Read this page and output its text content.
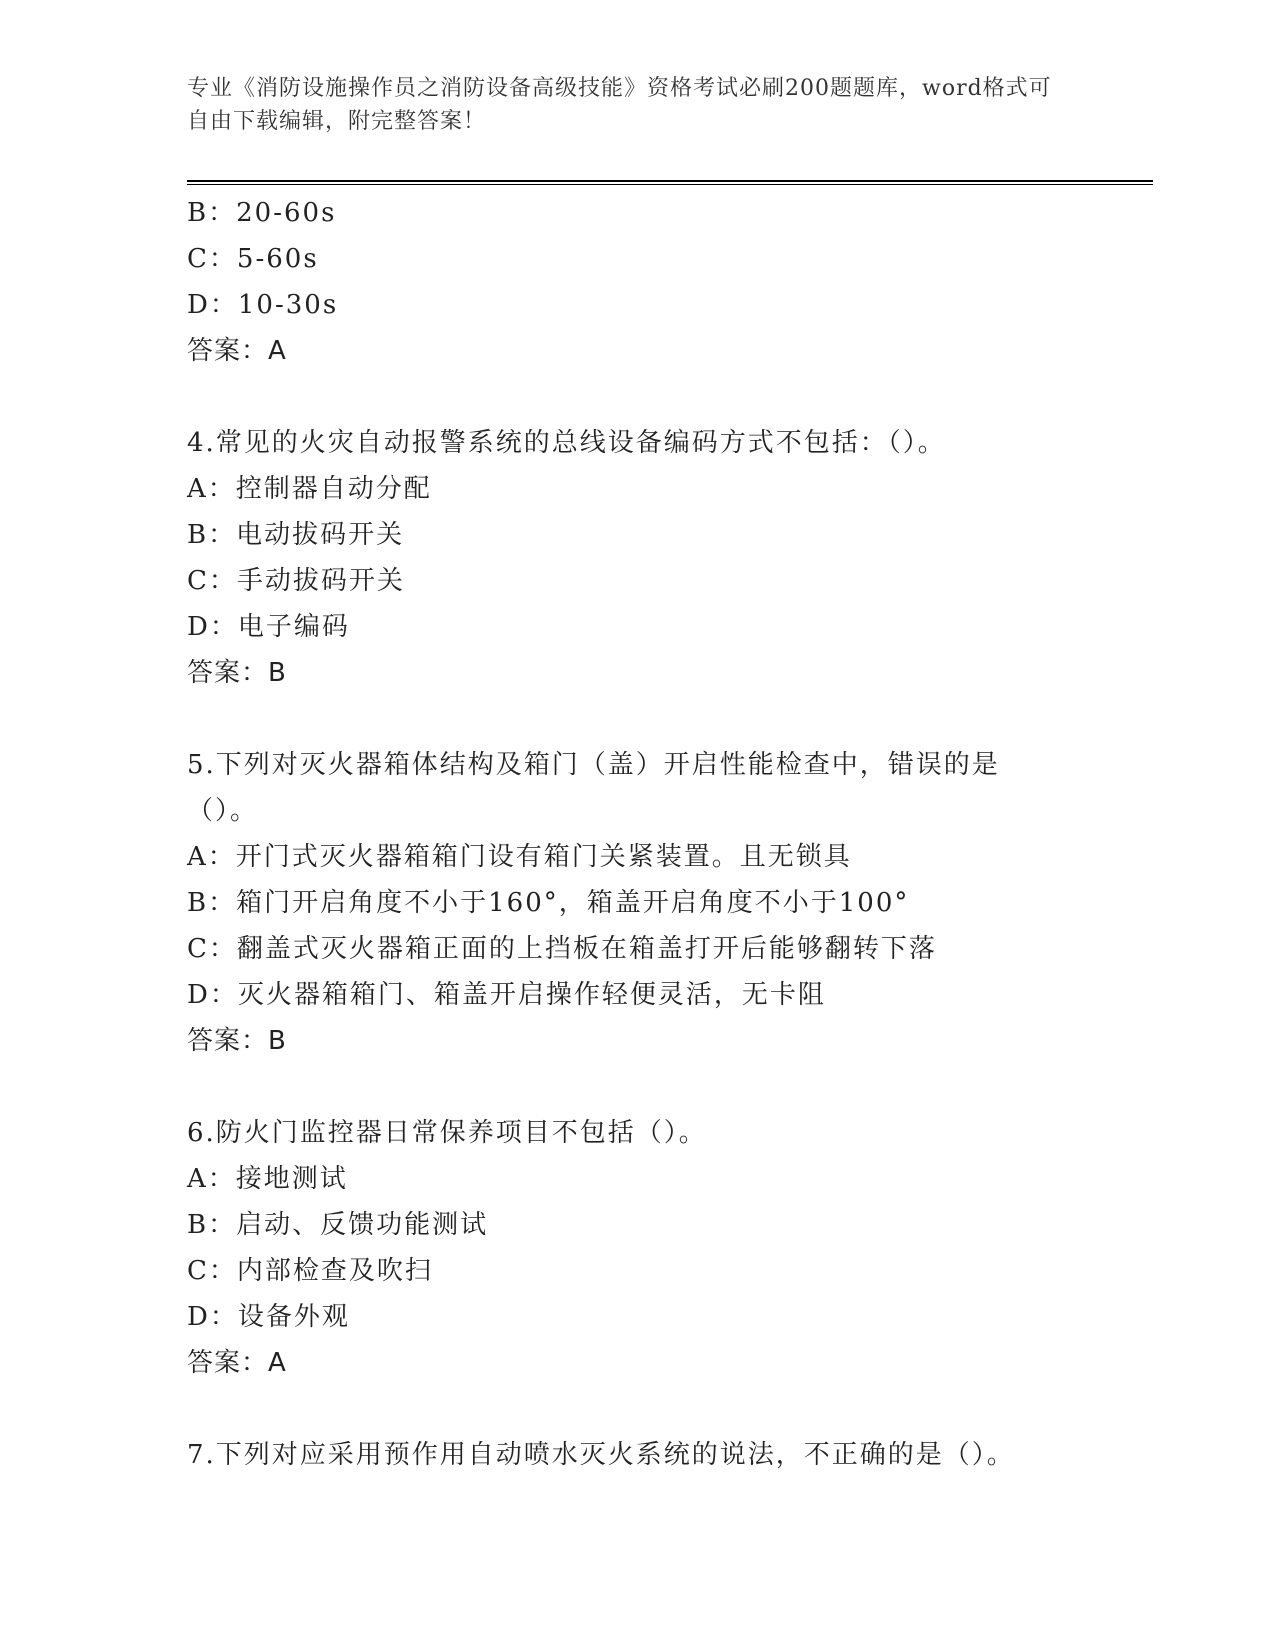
专业《消防设施操作员之消防设备高级技能》资格考试必刷200题题库，word格式可自由下载编辑，附完整答案！
B：20-60s
C：5-60s
D：10-30s
答案：A
4.常见的火灾自动报警系统的总线设备编码方式不包括：（）。
A：控制器自动分配
B：电动拔码开关
C：手动拔码开关
D：电子编码
答案：B
5.下列对灭火器箱体结构及箱门（盖）开启性能检查中，错误的是（）。
A：开门式灭火器箱箱门设有箱门关紧装置。且无锁具
B：箱门开启角度不小于160°，箱盖开启角度不小于100°
C：翻盖式灭火器箱正面的上挡板在箱盖打开后能够翻转下落
D：灭火器箱箱门、箱盖开启操作轻便灵活，无卡阻
答案：B
6.防火门监控器日常保养项目不包括（）。
A：接地测试
B：启动、反馈功能测试
C：内部检查及吹扫
D：设备外观
答案：A
7.下列对应采用预作用自动喷水灭火系统的说法，不正确的是（）。
